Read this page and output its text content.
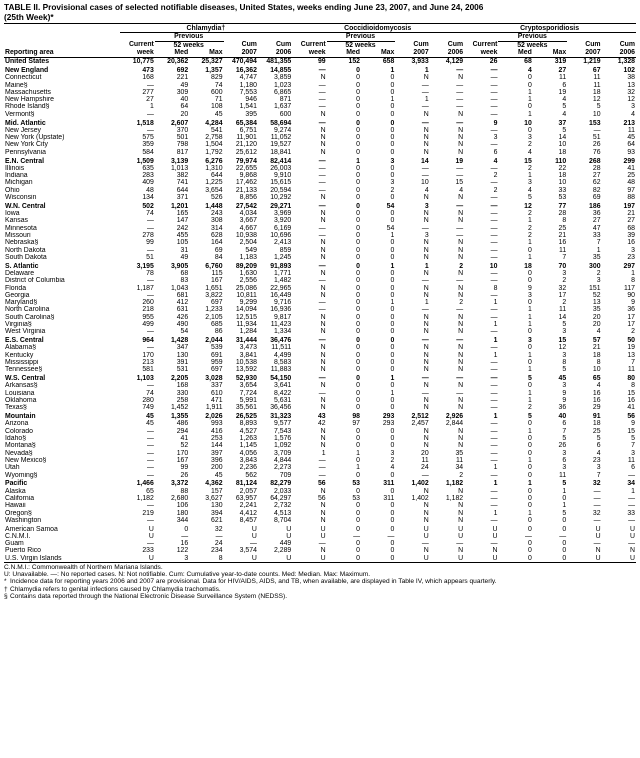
TABLE II. Provisional cases of selected notifiable diseases, United States, weeks ending June 23, 2007, and June 24, 2006
(25th Week)*
	Chlamydia†					Coccidioidomycosis					Cryptosporidiosis				
		Previous					Previous					Previous			
	Current	52 weeks		Cum	Cum	Current	52 weeks		Cum	Cum	Current	52 weeks		Cum	Cum
Reporting area	week	Med	Max	2007	2006	week	Med	Max	2007	2006	week	Med	Max	2007	2006
United States	10,775	20,362	25,327	470,494	481,355	99	152	658	3,933	4,129	26	68	319	1,219	1,328
New England	473	692	1,357	16,362	14,855	—	0	1	1	—	—	4	27	67	102
Connecticut	168	221	829	4,747	3,859	N	0	0	N	N	—	0	11	11	38
Maine§	—	49	74	1,180	1,023	—	0	0	—	—	—	0	6	11	13
Massachusetts	277	309	600	7,553	6,865	—	0	0	—	—	—	1	19	18	32
New Hampshire	27	40	71	946	871	—	0	1	1	—	—	1	4	12	12
Rhode Island§	1	64	108	1,541	1,637	—	0	0	—	—	—	0	5	5	3
Vermont§	—	20	45	395	600	N	0	0	N	N	—	1	4	10	4
Mid. Atlantic	1,518	2,607	4,284	65,384	58,694	—	0	0	—	—	9	10	37	153	213
New Jersey	—	370	541	6,751	9,274	N	0	0	N	N	—	0	5	—	11
New York (Upstate)	575	501	2,758	11,901	11,052	N	0	0	N	N	3	3	14	51	45
New York City	359	798	1,504	21,120	19,527	N	0	0	N	N	—	2	10	26	64
Pennsylvania	584	817	1,792	25,612	18,841	N	0	0	N	N	6	4	18	76	93
E.N. Central	1,509	3,139	6,276	79,974	82,414	—	1	3	14	19	4	15	110	268	299
Illinois	635	1,013	1,310	22,655	26,003	—	0	0	—	—	—	2	22	28	41
Indiana	283	382	644	9,868	9,910	—	0	0	—	—	2	1	18	27	25
Michigan	409	741	1,225	17,462	15,615	—	0	3	10	15	—	3	10	62	48
Ohio	48	644	3,654	21,133	20,594	—	0	2	4	4	2	4	33	82	97
Wisconsin	134	371	526	8,856	10,292	N	0	0	N	N	—	5	53	69	88
W.N. Central	502	1,201	1,448	27,542	29,271	—	0	54	3	—	—	12	77	186	197
Iowa	74	165	243	4,034	3,969	N	0	0	N	N	—	2	28	36	21
Kansas	—	147	308	3,667	3,920	N	0	0	N	N	—	1	8	27	27
Minnesota	—	242	314	4,667	6,169	—	0	54	—	—	—	2	25	47	68
Missouri	278	455	628	10,938	10,696	—	0	1	3	—	—	2	21	33	39
Nebraska§	99	105	164	2,504	2,413	N	0	0	N	N	—	1	16	7	16
North Dakota	—	31	69	549	859	N	0	0	N	N	—	0	11	1	3
South Dakota	51	49	84	1,183	1,245	N	0	0	N	N	—	1	7	35	23
S. Atlantic	3,195	3,905	6,760	89,209	91,893	—	0	1	1	2	10	18	70	300	297
Delaware	78	68	115	1,630	1,771	N	0	0	N	N	—	0	3	2	1
District of Columbia	—	83	167	2,556	1,482	—	0	0	—	—	—	0	2	3	8
Florida	1,187	1,043	1,651	25,086	22,965	N	0	0	N	N	8	9	32	151	117
Georgia	—	681	3,822	10,811	16,449	N	0	0	N	N	—	3	17	52	90
Maryland§	260	412	697	9,299	9,716	—	0	1	1	2	1	0	2	13	9
North Carolina	218	631	1,233	14,094	16,936	—	0	0	—	—	—	1	11	35	36
South Carolina§	955	426	2,105	12,515	9,817	N	0	0	N	N	—	1	14	20	17
Virginia§	499	490	685	11,934	11,423	N	0	0	N	N	1	1	5	20	17
West Virginia	—	54	86	1,284	1,334	N	0	0	N	N	—	0	3	4	2
E.S. Central	964	1,428	2,044	31,444	36,476	—	0	0	—	—	1	3	15	57	50
Alabama§	—	347	539	3,473	11,511	N	0	0	N	N	—	0	12	21	19
Kentucky	170	130	691	3,841	4,499	N	0	0	N	N	1	1	3	18	13
Mississippi	213	391	959	10,538	8,583	N	0	0	N	N	—	0	8	8	7
Tennessee§	581	531	697	13,592	11,883	N	0	0	N	N	—	1	5	10	11
W.S. Central	1,103	2,205	3,028	52,930	54,150	—	0	1	—	—	—	5	45	65	80
Arkansas§	—	168	337	3,654	3,641	N	0	0	N	N	—	0	3	4	8
Louisiana	74	330	610	7,724	8,422	—	0	1	—	—	—	1	9	16	15
Oklahoma	280	258	471	5,991	5,631	N	0	0	N	N	—	1	9	16	16
Texas§	749	1,452	1,911	35,561	36,456	N	0	0	N	N	—	2	36	29	41
Mountain	45	1,355	2,026	26,525	31,323	43	98	293	2,512	2,926	1	5	40	91	56
Arizona	45	486	993	8,893	9,577	42	97	293	2,457	2,844	—	0	6	18	9
Colorado	—	294	416	4,527	7,543	N	0	0	N	N	—	1	7	25	15
Idaho§	—	41	253	1,263	1,576	N	0	0	N	N	—	0	5	5	5
Montana§	—	52	144	1,145	1,092	N	0	0	N	N	—	0	26	6	7
Nevada§	—	170	397	4,056	3,709	1	1	3	20	35	—	0	3	4	3
New Mexico§	—	167	396	3,843	4,844	—	0	2	11	11	—	1	6	23	11
Utah	—	99	200	2,236	2,273	—	1	4	24	34	1	0	3	3	6
Wyoming§	—	26	45	562	709	—	0	0	—	2	—	0	11	7	—
Pacific	1,466	3,372	4,362	81,124	82,279	56	53	311	1,402	1,182	1	1	5	32	34
Alaska	65	88	157	2,057	2,033	N	0	0	N	N	—	0	1	—	1
California	1,182	2,680	3,627	63,957	64,297	56	53	311	1,402	1,182	—	0	0	—	—
Hawaii	—	106	130	2,241	2,732	N	0	0	N	N	—	0	1	—	—
Oregon§	219	180	394	4,412	4,513	N	0	0	N	N	1	1	5	32	33
Washington	—	344	621	8,457	8,704	N	0	0	N	N	—	0	0	—	—
American Samoa	U	0	32	U	U	U	0	0	U	U	U	0	0	U	U
C.N.M.I.	U	—	—	U	U	U	—	—	U	U	U	—	—	U	U
Guam	—	16	24	—	449	—	0	0	—	—	—	0	0	—	—
Puerto Rico	233	122	234	3,574	2,289	N	0	0	N	N	N	0	0	N	N
U.S. Virgin Islands	U	3	8	U	U	U	0	0	U	U	U	0	0	U	U
C.N.M.I.: Commonwealth of Northern Mariana Islands.
U: Unavailable. —: No reported cases. N: Not notifiable. Cum: Cumulative year-to-date counts. Med: Median. Max: Maximum.
* Incidence data for reporting years 2006 and 2007 are provisional. Data for HIV/AIDS, AIDS, and TB, when available, are displayed in Table IV, which appears quarterly.
† Chlamydia refers to genital infections caused by Chlamydia trachomatis.
§ Contains data reported through the National Electronic Disease Surveillance System (NEDSS).
